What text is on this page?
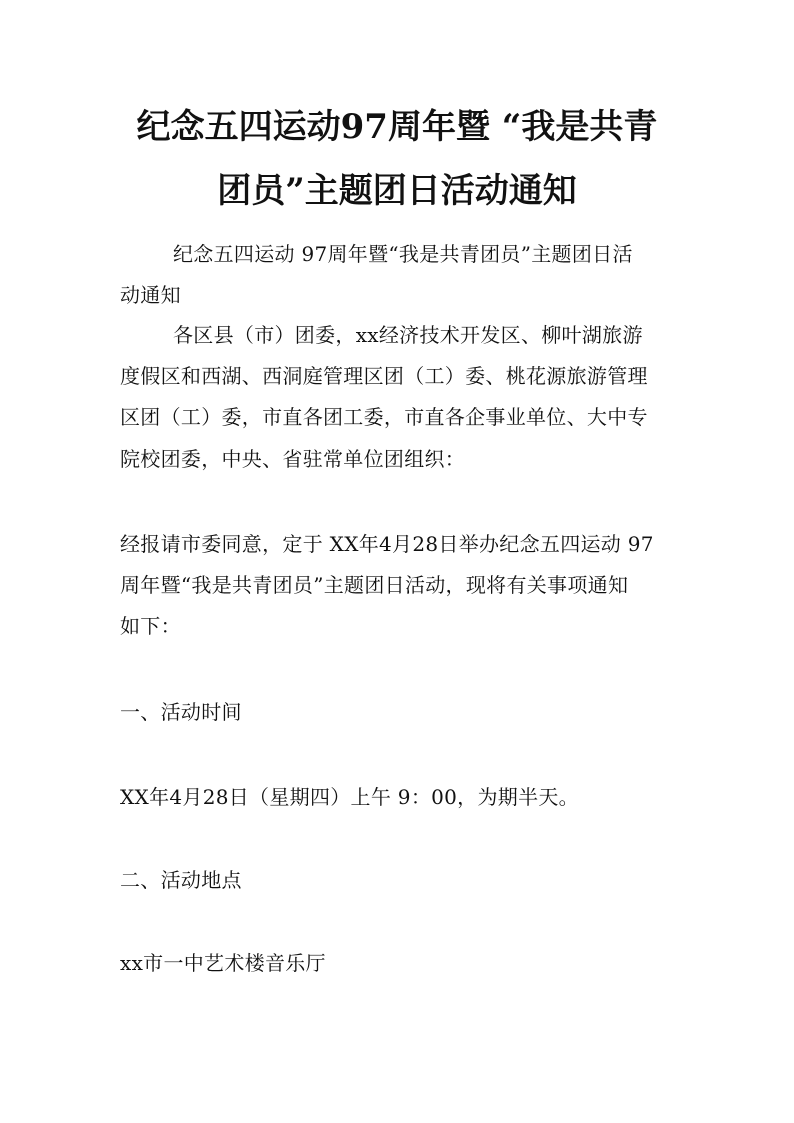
纪念五四运动97周年暨 “我是共青
团员”主题团日活动通知
纪念五四运动 97周年暨“我是共青团员”主题团日活
动通知
各区县（市）团委，xx经济技术开发区、柳叶湖旅游
度假区和西湖、西洞庭管理区团（工）委、桃花源旅游管理
区团（工）委，市直各团工委，市直各企事业单位、大中专
院校团委，中央、省驻常单位团组织：
经报请市委同意，定于 XX年4月28日举办纪念五四运动 97
周年暨“我是共青团员”主题团日活动，现将有关事项通知
如下：
一、活动时间
XX年4月28日（星期四）上午 9：00，为期半天。
二、活动地点
xx市一中艺术楼音乐厅
